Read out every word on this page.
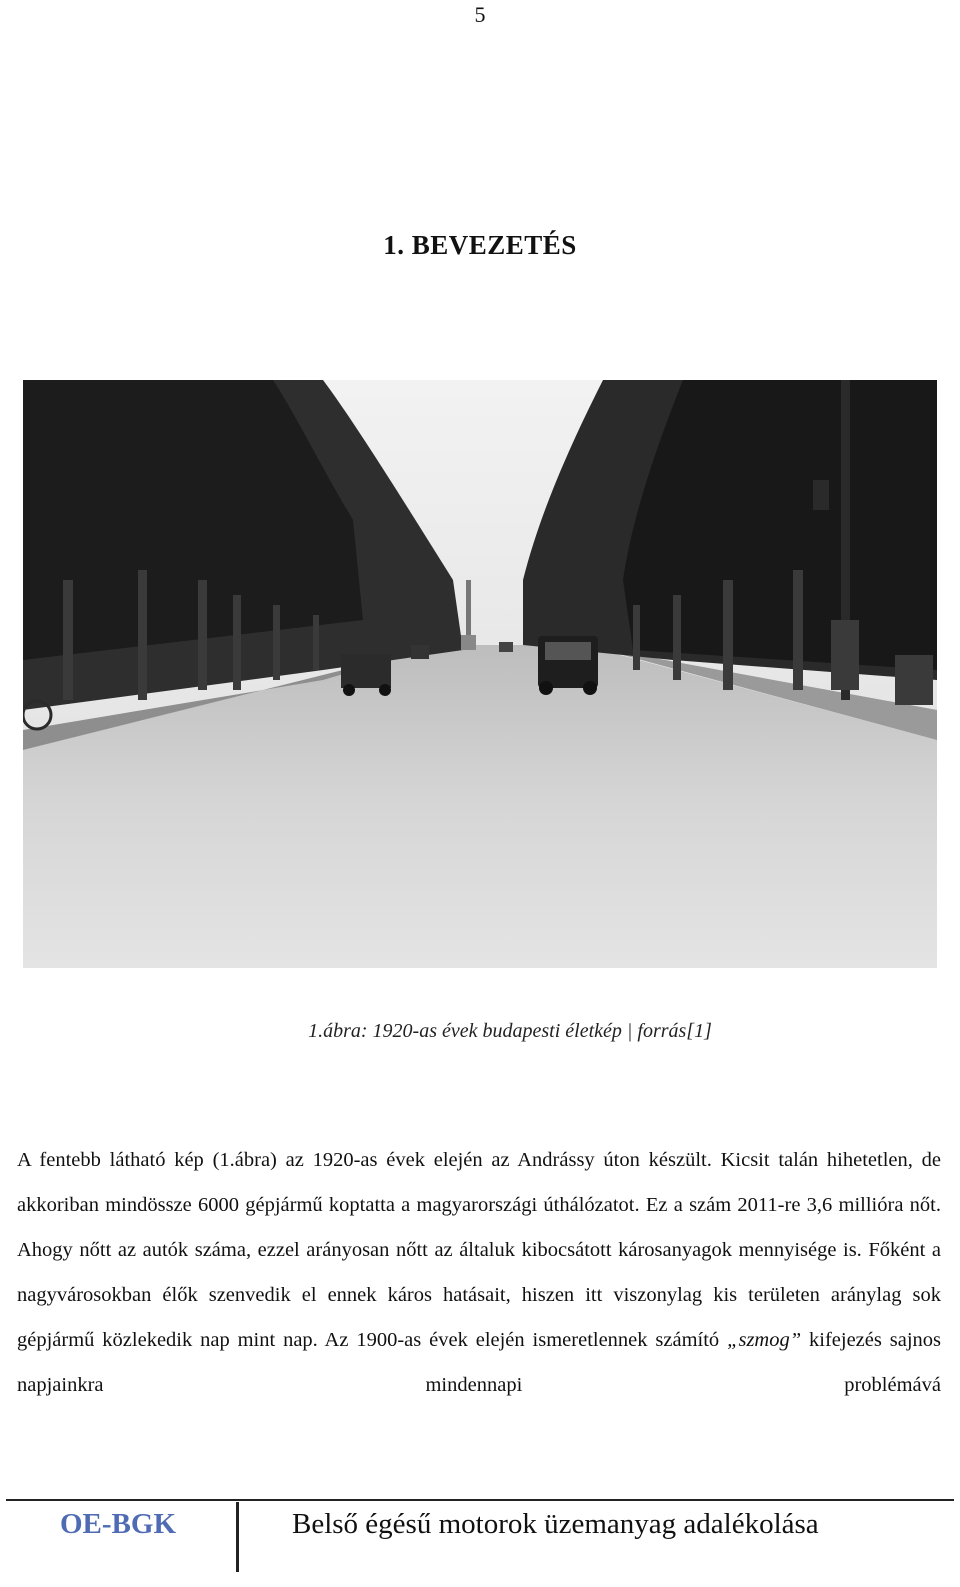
5
1. BEVEZETÉS
1.ábra: 1920-as évek budapesti életkép | forrás[1]
A fentebb látható kép (1.ábra) az 1920-as évek elején az Andrássy úton készült. Kicsit talán hihetetlen, de akkoriban mindössze 6000 gépjármű koptatta a magyarországi úthálózatot. Ez a szám 2011-re 3,6 millióra nőt. Ahogy nőtt az autók száma, ezzel arányosan nőtt az általuk kibocsátott károsanyagok mennyisége is. Főként a nagyvárosokban élők szenvedik el ennek káros hatásait, hiszen itt viszonylag kis területen aránylag sok gépjármű közlekedik nap mint nap. Az 1900-as évek elején ismeretlennek számító „szmog” kifejezés sajnos napjainkra mindennapi problémává
OE-BGK	Belső égésű motorok üzemanyag adalékolása
